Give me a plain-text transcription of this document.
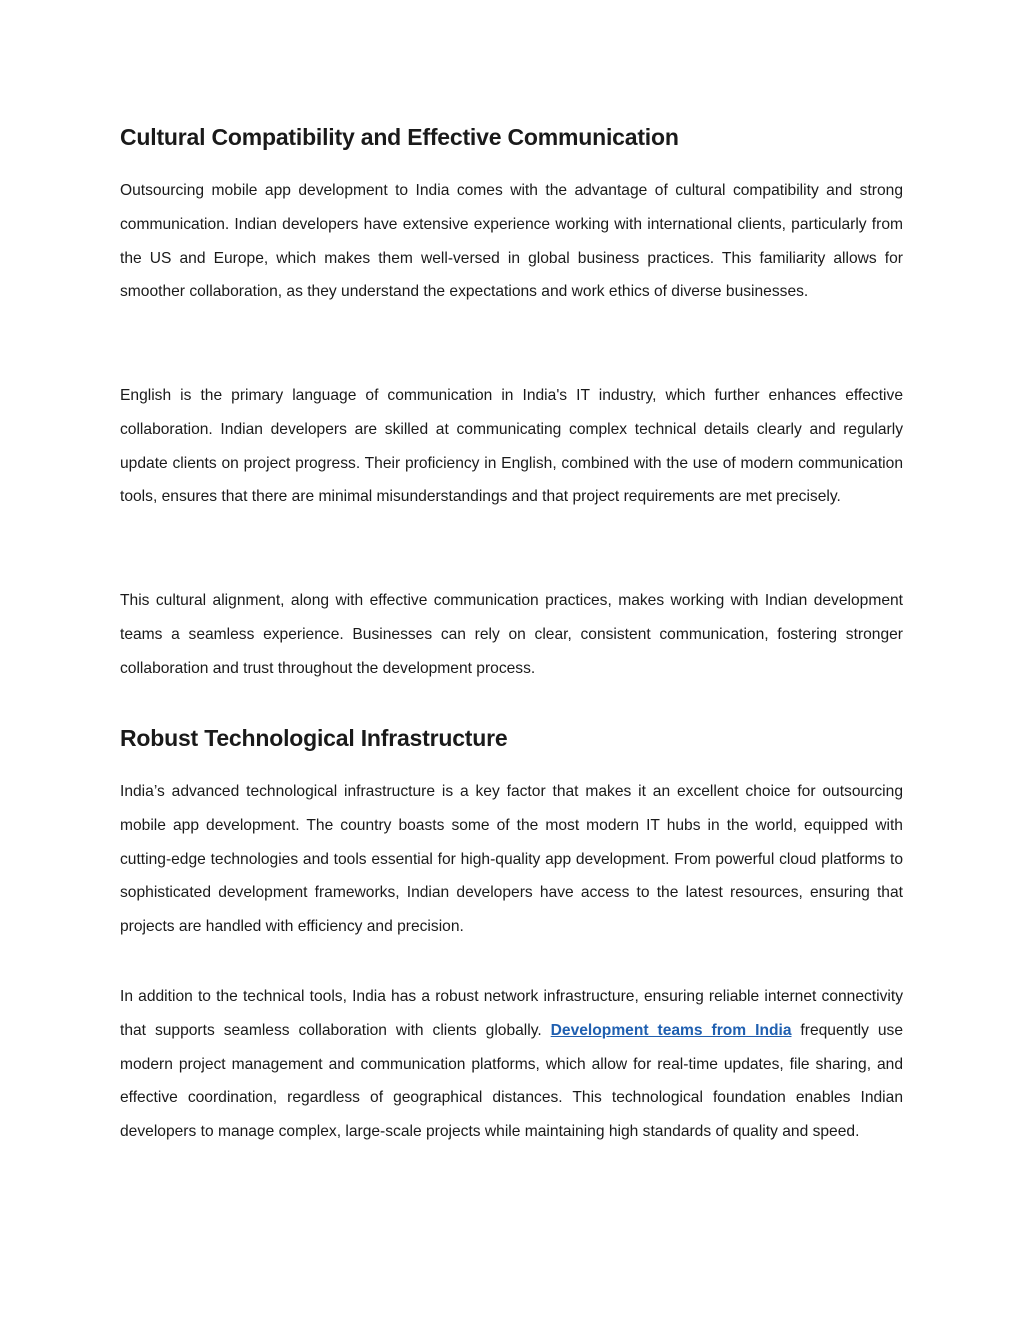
Cultural Compatibility and Effective Communication

Outsourcing mobile app development to India comes with the advantage of cultural compatibility and strong communication. Indian developers have extensive experience working with international clients, particularly from the US and Europe, which makes them well-versed in global business practices. This familiarity allows for smoother collaboration, as they understand the expectations and work ethics of diverse businesses.

English is the primary language of communication in India's IT industry, which further enhances effective collaboration. Indian developers are skilled at communicating complex technical details clearly and regularly update clients on project progress. Their proficiency in English, combined with the use of modern communication tools, ensures that there are minimal misunderstandings and that project requirements are met precisely.

This cultural alignment, along with effective communication practices, makes working with Indian development teams a seamless experience. Businesses can rely on clear, consistent communication, fostering stronger collaboration and trust throughout the development process.

Robust Technological Infrastructure

India’s advanced technological infrastructure is a key factor that makes it an excellent choice for outsourcing mobile app development. The country boasts some of the most modern IT hubs in the world, equipped with cutting-edge technologies and tools essential for high-quality app development. From powerful cloud platforms to sophisticated development frameworks, Indian developers have access to the latest resources, ensuring that projects are handled with efficiency and precision.

In addition to the technical tools, India has a robust network infrastructure, ensuring reliable internet connectivity that supports seamless collaboration with clients globally. Development teams from India frequently use modern project management and communication platforms, which allow for real-time updates, file sharing, and effective coordination, regardless of geographical distances. This technological foundation enables Indian developers to manage complex, large-scale projects while maintaining high standards of quality and speed.
